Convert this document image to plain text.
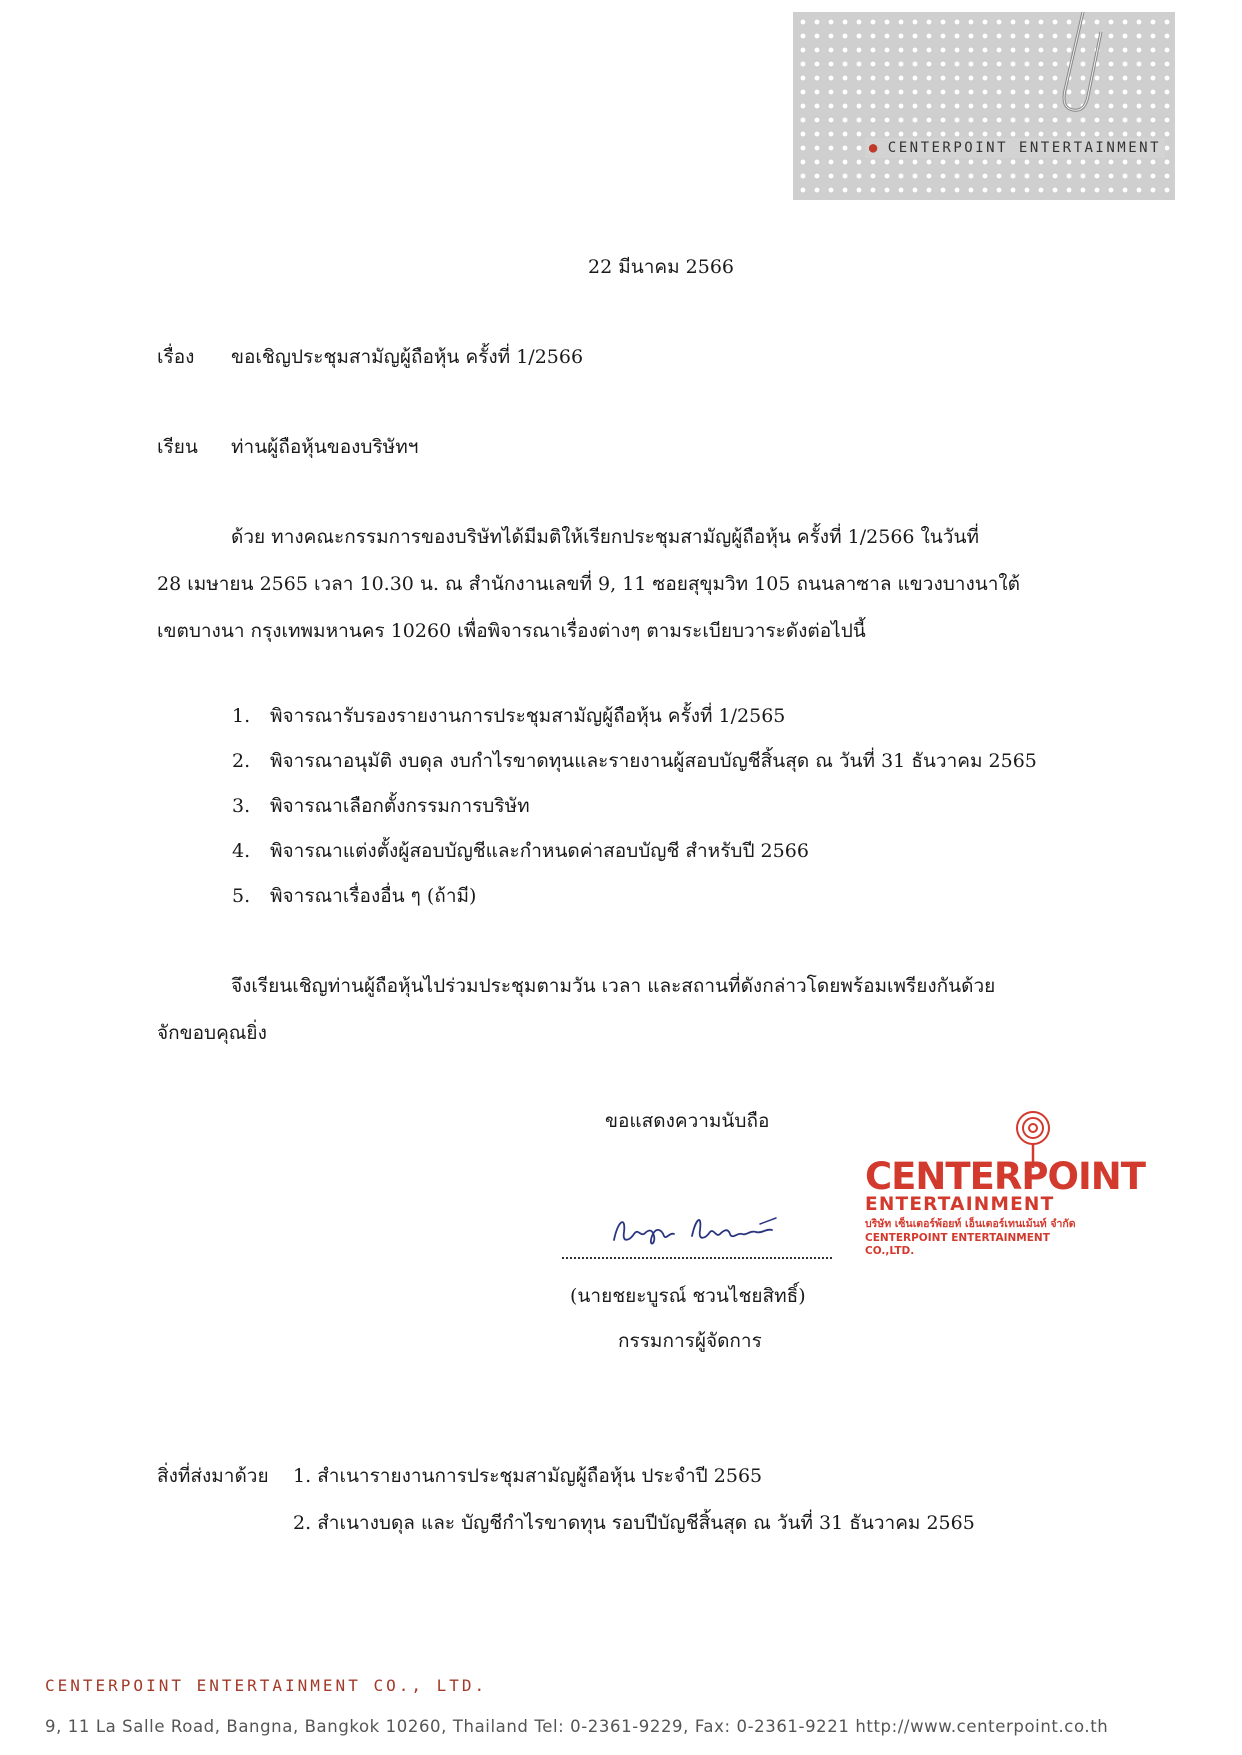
● CENTERPOINT ENTERTAINMENT
22 มีนาคม 2566
เรื่อง ขอเชิญประชุมสามัญผู้ถือหุ้น ครั้งที่ 1/2566
เรียน ท่านผู้ถือหุ้นของบริษัทฯ
ด้วย ทางคณะกรรมการของบริษัทได้มีมติให้เรียกประชุมสามัญผู้ถือหุ้น ครั้งที่ 1/2566 ในวันที่
28 เมษายน 2565 เวลา 10.30 น. ณ สำนักงานเลขที่ 9, 11 ซอยสุขุมวิท 105 ถนนลาซาล แขวงบางนาใต้
เขตบางนา กรุงเทพมหานคร 10260 เพื่อพิจารณาเรื่องต่างๆ ตามระเบียบวาระดังต่อไปนี้
1. พิจารณารับรองรายงานการประชุมสามัญผู้ถือหุ้น ครั้งที่ 1/2565
2. พิจารณาอนุมัติ งบดุล งบกำไรขาดทุนและรายงานผู้สอบบัญชีสิ้นสุด ณ วันที่ 31 ธันวาคม 2565
3. พิจารณาเลือกตั้งกรรมการบริษัท
4. พิจารณาแต่งตั้งผู้สอบบัญชีและกำหนดค่าสอบบัญชี สำหรับปี 2566
5. พิจารณาเรื่องอื่น ๆ (ถ้ามี)
จึงเรียนเชิญท่านผู้ถือหุ้นไปร่วมประชุมตามวัน เวลา และสถานที่ดังกล่าวโดยพร้อมเพรียงกันด้วย
จักขอบคุณยิ่ง
ขอแสดงความนับถือ
(นายชยะบูรณ์ ชวนไชยสิทธิ์)
กรรมการผู้จัดการ
CENTERPOINT
ENTERTAINMENT
บริษัท เซ็นเตอร์พ้อยท์ เอ็นเตอร์เทนเม้นท์ จำกัด
CENTERPOINT ENTERTAINMENT CO.,LTD.
สิ่งที่ส่งมาด้วย 1. สำเนารายงานการประชุมสามัญผู้ถือหุ้น ประจำปี 2565
2. สำเนางบดุล และ บัญชีกำไรขาดทุน รอบปีบัญชีสิ้นสุด ณ วันที่ 31 ธันวาคม 2565
CENTERPOINT ENTERTAINMENT CO., LTD.
9, 11 La Salle Road, Bangna, Bangkok 10260, Thailand Tel: 0-2361-9229, Fax: 0-2361-9221 http://www.centerpoint.co.th
